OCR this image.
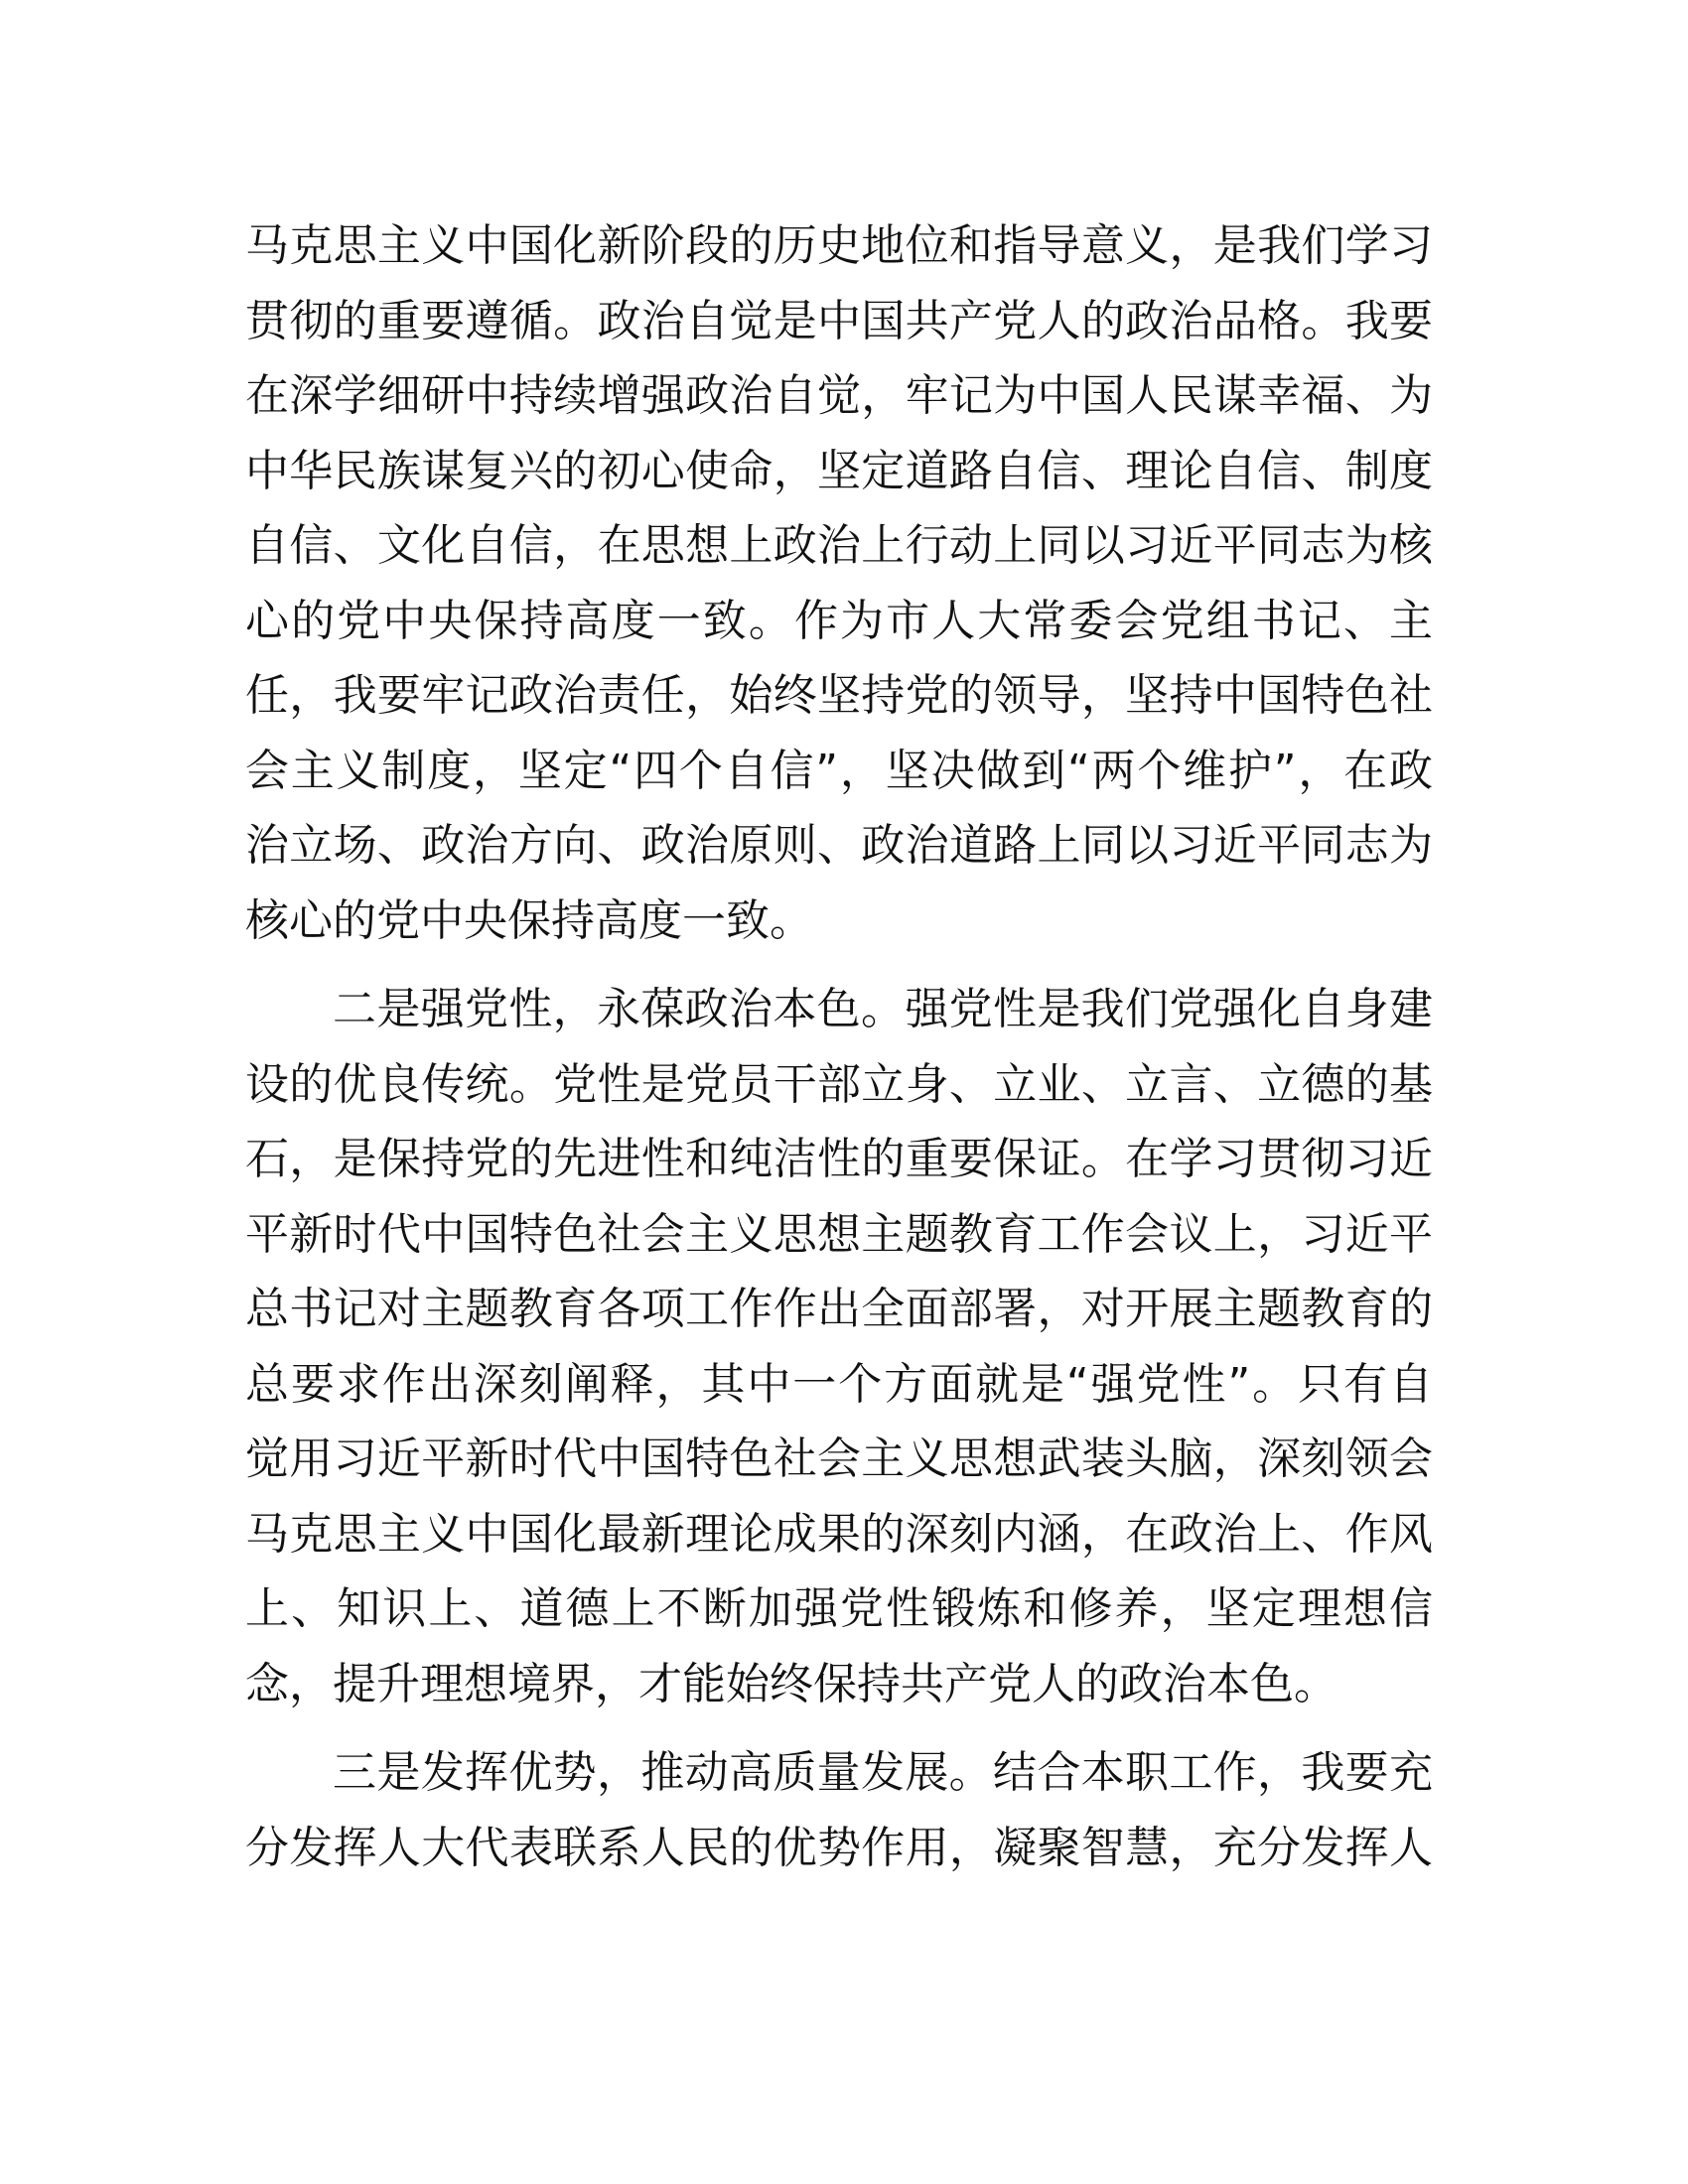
马克思主义中国化新阶段的历史地位和指导意义，是我们学习
贯彻的重要遵循。政治自觉是中国共产党人的政治品格。我要
在深学细研中持续增强政治自觉，牢记为中国人民谋幸福、为
中华民族谋复兴的初心使命，坚定道路自信、理论自信、制度
自信、文化自信，在思想上政治上行动上同以习近平同志为核
心的党中央保持高度一致。作为市人大常委会党组书记、主
任，我要牢记政治责任，始终坚持党的领导，坚持中国特色社
会主义制度，坚定“四个自信”，坚决做到“两个维护”，在政
治立场、政治方向、政治原则、政治道路上同以习近平同志为
核心的党中央保持高度一致。

二是强党性，永葆政治本色。强党性是我们党强化自身建
设的优良传统。党性是党员干部立身、立业、立言、立德的基
石，是保持党的先进性和纯洁性的重要保证。在学习贯彻习近
平新时代中国特色社会主义思想主题教育工作会议上，习近平
总书记对主题教育各项工作作出全面部署，对开展主题教育的
总要求作出深刻阐释，其中一个方面就是“强党性”。只有自
觉用习近平新时代中国特色社会主义思想武装头脑，深刻领会
马克思主义中国化最新理论成果的深刻内涵，在政治上、作风
上、知识上、道德上不断加强党性锻炼和修养，坚定理想信
念，提升理想境界，才能始终保持共产党人的政治本色。

三是发挥优势，推动高质量发展。结合本职工作，我要充
分发挥人大代表联系人民的优势作用，凝聚智慧，充分发挥人
